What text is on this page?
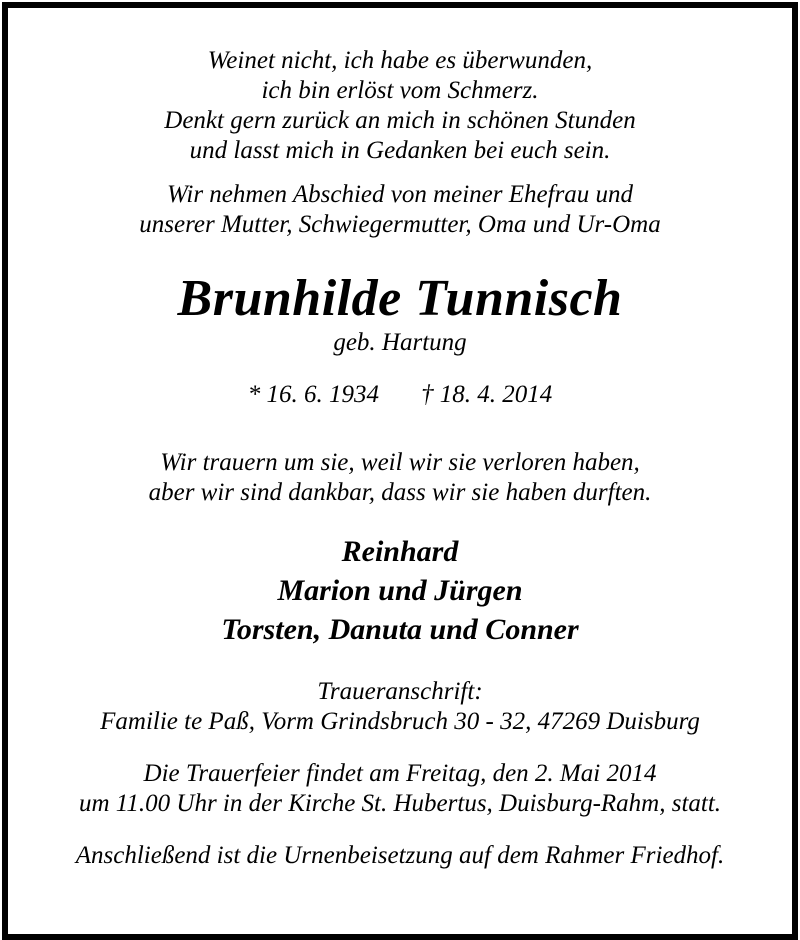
Weinet nicht, ich habe es überwunden,

ich bin erlöst vom Schmerz.

Denkt gern zurück an mich in schönen Stunden

und lasst mich in Gedanken bei euch sein.

Wir nehmen Abschied von meiner Ehefrau und

unserer Mutter, Schwiegermutter, Oma und Ur-Oma

Brunhilde Tunnisch

geb. Hartung

* 16. 6. 1934 † 18. 4. 2014

Wir trauern um sie, weil wir sie verloren haben,

aber wir sind dankbar, dass wir sie haben durften.

Reinhard
Marion und Jürgen
Torsten, Danuta und Conner

Traueranschrift:

Familie te Paß, Vorm Grindsbruch 30 - 32, 47269 Duisburg

Die Trauerfeier findet am Freitag, den 2. Mai 2014

um 11.00 Uhr in der Kirche St. Hubertus, Duisburg-Rahm, statt.

Anschließend ist die Urnenbeisetzung auf dem Rahmer Friedhof.
